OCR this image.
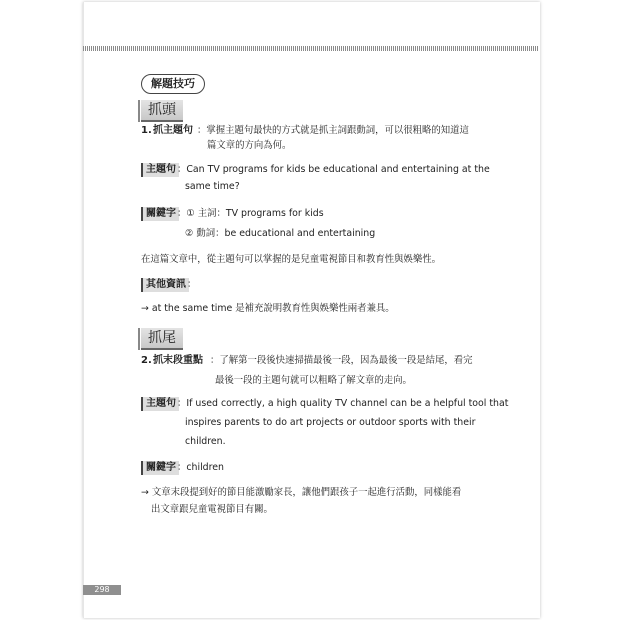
解題技巧
抓頭
1. 抓主題句 ：掌握主題句最快的方式就是抓主詞跟動詞，可以很粗略的知道這
篇文章的方向為何。
主題句 ：Can TV programs for kids be educational and entertaining at the
same time?
關鍵字 ：① 主詞：TV programs for kids
② 動詞：be educational and entertaining
在這篇文章中，從主題句可以掌握的是兒童電視節目和教育性與娛樂性。
其他資訊 ：
→ at the same time 是補充說明教育性與娛樂性兩者兼具。
抓尾
2. 抓末段重點 ：了解第一段後快速掃描最後一段，因為最後一段是結尾，看完
最後一段的主題句就可以粗略了解文章的走向。
主題句 ：If used correctly, a high quality TV channel can be a helpful tool that
inspires parents to do art projects or outdoor sports with their
children.
關鍵字 ：children
→ 文章末段提到好的節目能激勵家長，讓他們跟孩子一起進行活動，同樣能看
出文章跟兒童電視節目有關。
298
